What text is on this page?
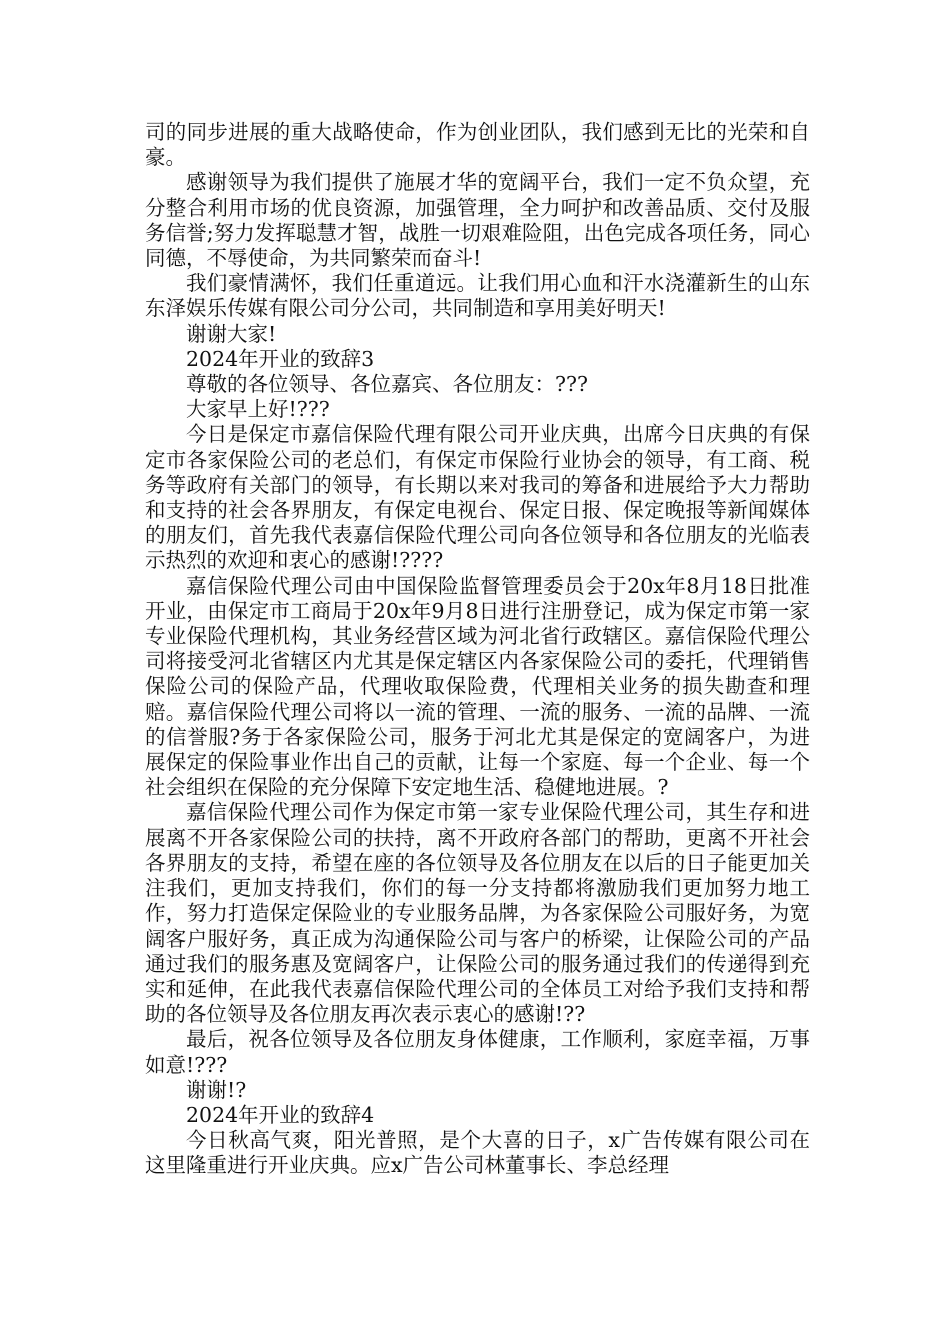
司的同步进展的重大战略使命，作为创业团队，我们感到无比的光荣和自豪。

感谢领导为我们提供了施展才华的宽阔平台，我们一定不负众望，充分整合利用市场的优良资源，加强管理，全力呵护和改善品质、交付及服务信誉;努力发挥聪慧才智，战胜一切艰难险阻，出色完成各项任务，同心同德，不辱使命，为共同繁荣而奋斗!

我们豪情满怀，我们任重道远。让我们用心血和汗水浇灌新生的山东东泽娱乐传媒有限公司分公司，共同制造和享用美好明天!

谢谢大家!

2024年开业的致辞3

尊敬的各位领导、各位嘉宾、各位朋友：???

大家早上好!???

今日是保定市嘉信保险代理有限公司开业庆典，出席今日庆典的有保定市各家保险公司的老总们，有保定市保险行业协会的领导，有工商、税务等政府有关部门的领导，有长期以来对我司的筹备和进展给予大力帮助和支持的社会各界朋友，有保定电视台、保定日报、保定晚报等新闻媒体的朋友们，首先我代表嘉信保险代理公司向各位领导和各位朋友的光临表示热烈的欢迎和衷心的感谢!????

嘉信保险代理公司由中国保险监督管理委员会于20x年8月18日批准开业，由保定市工商局于20x年9月8日进行注册登记，成为保定市第一家专业保险代理机构，其业务经营区域为河北省行政辖区。嘉信保险代理公司将接受河北省辖区内尤其是保定辖区内各家保险公司的委托，代理销售保险公司的保险产品，代理收取保险费，代理相关业务的损失勘查和理赔。嘉信保险代理公司将以一流的管理、一流的服务、一流的品牌、一流的信誉服?务于各家保险公司，服务于河北尤其是保定的宽阔客户，为进展保定的保险事业作出自己的贡献，让每一个家庭、每一个企业、每一个社会组织在保险的充分保障下安定地生活、稳健地进展。?

嘉信保险代理公司作为保定市第一家专业保险代理公司，其生存和进展离不开各家保险公司的扶持，离不开政府各部门的帮助，更离不开社会各界朋友的支持，希望在座的各位领导及各位朋友在以后的日子能更加关注我们，更加支持我们，你们的每一分支持都将激励我们更加努力地工作，努力打造保定保险业的专业服务品牌，为各家保险公司服好务，为宽阔客户服好务，真正成为沟通保险公司与客户的桥梁，让保险公司的产品通过我们的服务惠及宽阔客户，让保险公司的服务通过我们的传递得到充实和延伸，在此我代表嘉信保险代理公司的全体员工对给予我们支持和帮助的各位领导及各位朋友再次表示衷心的感谢!??

最后，祝各位领导及各位朋友身体健康，工作顺利，家庭幸福，万事如意!???

谢谢!?

2024年开业的致辞4

今日秋高气爽，阳光普照，是个大喜的日子，x广告传媒有限公司在这里隆重进行开业庆典。应x广告公司林董事长、李总经理
